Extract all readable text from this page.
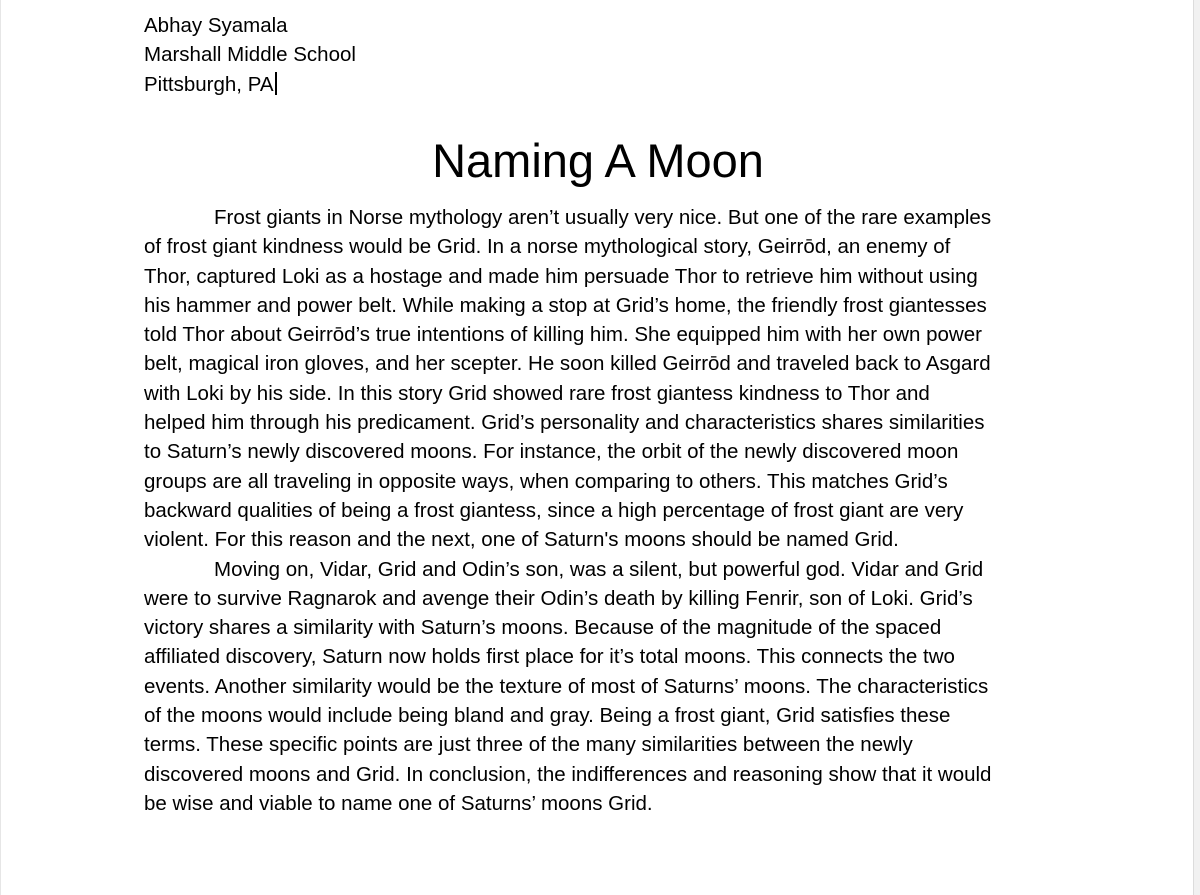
Abhay Syamala
Marshall Middle School
Pittsburgh, PA
Naming A Moon
Frost giants in Norse mythology aren’t usually very nice. But one of the rare examples
of frost giant kindness would be Grid. In a norse mythological story, Geirrōd, an enemy of
Thor, captured Loki as a hostage and made him persuade Thor to retrieve him without using
his hammer and power belt. While making a stop at Grid’s home, the friendly frost giantesses
told Thor about Geirrōd’s true intentions of killing him. She equipped him with her own power
belt, magical iron gloves, and her scepter. He soon killed Geirrōd and traveled back to Asgard
with Loki by his side. In this story Grid showed rare frost giantess kindness to Thor and
helped him through his predicament. Grid’s personality and characteristics shares similarities
to Saturn’s newly discovered moons. For instance, the orbit of the newly discovered moon
groups are all traveling in opposite ways, when comparing to others. This matches Grid’s
backward qualities of being a frost giantess, since a high percentage of frost giant are very
violent. For this reason and the next, one of Saturn's moons should be named Grid.
Moving on, Vidar, Grid and Odin’s son, was a silent, but powerful god. Vidar and Grid
were to survive Ragnarok and avenge their Odin’s death by killing Fenrir, son of Loki. Grid’s
victory shares a similarity with Saturn’s moons. Because of the magnitude of the spaced
affiliated discovery, Saturn now holds first place for it’s total moons. This connects the two
events. Another similarity would be the texture of most of Saturns’ moons. The characteristics
of the moons would include being bland and gray. Being a frost giant, Grid satisfies these
terms. These specific points are just three of the many similarities between the newly
discovered moons and Grid. In conclusion, the indifferences and reasoning show that it would
be wise and viable to name one of Saturns’ moons Grid.
